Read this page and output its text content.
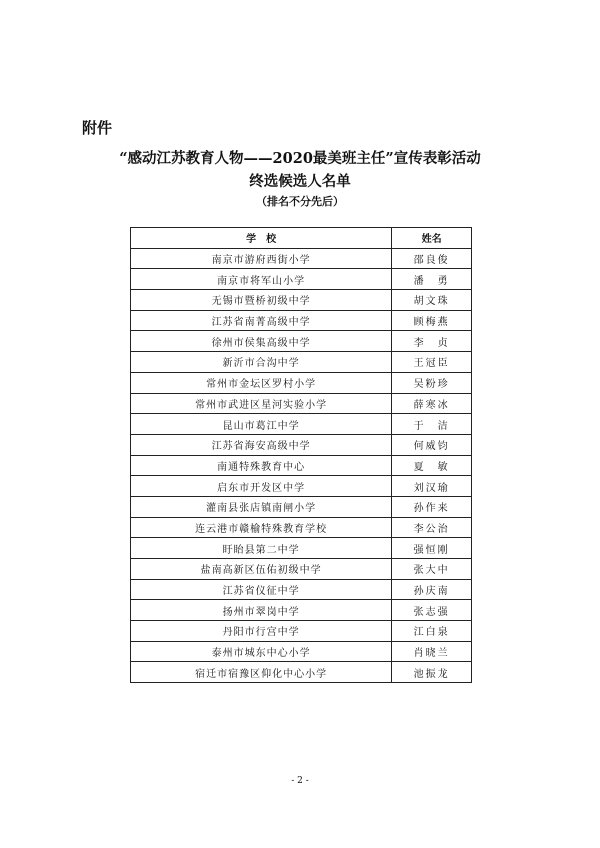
附件
“感动江苏教育人物——2020最美班主任”宣传表彰活动
终选候选人名单
（排名不分先后）
学　校	姓名
南京市游府西街小学	邵良俊
南京市将军山小学	潘　勇
无锡市暨桥初级中学	胡文珠
江苏省南菁高级中学	顾梅燕
徐州市侯集高级中学	李　贞
新沂市合沟中学	王冠臣
常州市金坛区罗村小学	吴粉珍
常州市武进区星河实验小学	薛寒冰
昆山市葛江中学	于　洁
江苏省海安高级中学	何威钧
南通特殊教育中心	夏　敏
启东市开发区中学	刘汉瑜
灌南县张店镇南闸小学	孙作来
连云港市赣榆特殊教育学校	李公治
盱眙县第二中学	强恒刚
盐南高新区伍佑初级中学	张大中
江苏省仪征中学	孙庆南
扬州市翠岗中学	张志强
丹阳市行宫中学	江白泉
泰州市城东中心小学	肖晓兰
宿迁市宿豫区仰化中心小学	池振龙
- 2 -
